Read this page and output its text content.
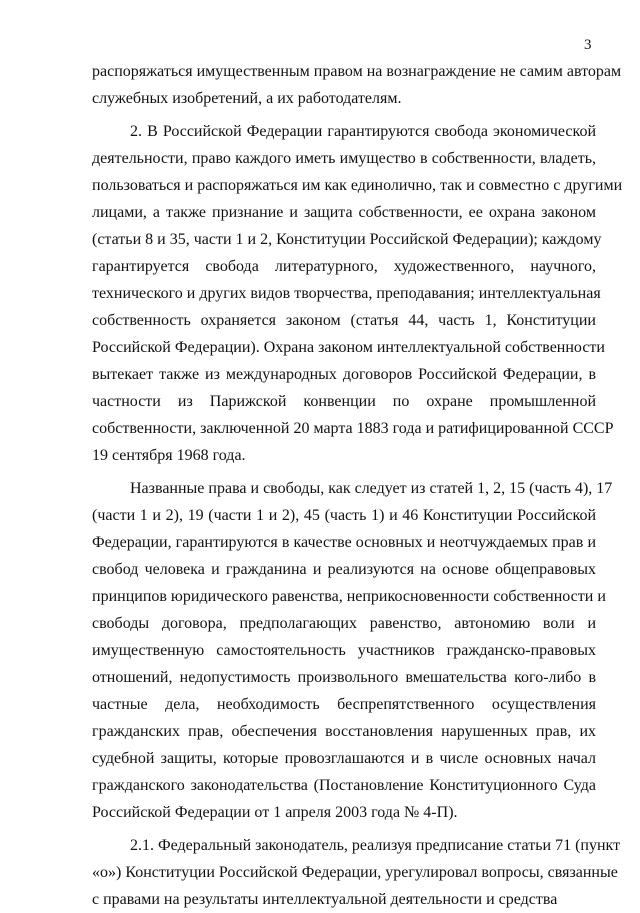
3
распоряжаться имущественным правом на вознаграждение не самим авторам
служебных изобретений, а их работодателям.
2. В Российской Федерации гарантируются свобода экономической
деятельности, право каждого иметь имущество в собственности, владеть,
пользоваться и распоряжаться им как единолично, так и совместно с другими
лицами, а также признание и защита собственности, ее охрана законом
(статьи 8 и 35, части 1 и 2, Конституции Российской Федерации); каждому
гарантируется свобода литературного, художественного, научного,
технического и других видов творчества, преподавания; интеллектуальная
собственность охраняется законом (статья 44, часть 1, Конституции
Российской Федерации). Охрана законом интеллектуальной собственности
вытекает также из международных договоров Российской Федерации, в
частности из Парижской конвенции по охране промышленной
собственности, заключенной 20 марта 1883 года и ратифицированной СССР
19 сентября 1968 года.
Названные права и свободы, как следует из статей 1, 2, 15 (часть 4), 17
(части 1 и 2), 19 (части 1 и 2), 45 (часть 1) и 46 Конституции Российской
Федерации, гарантируются в качестве основных и неотчуждаемых прав и
свобод человека и гражданина и реализуются на основе общеправовых
принципов юридического равенства, неприкосновенности собственности и
свободы договора, предполагающих равенство, автономию воли и
имущественную самостоятельность участников гражданско-правовых
отношений, недопустимость произвольного вмешательства кого-либо в
частные дела, необходимость беспрепятственного осуществления
гражданских прав, обеспечения восстановления нарушенных прав, их
судебной защиты, которые провозглашаются и в числе основных начал
гражданского законодательства (Постановление Конституционного Суда
Российской Федерации от 1 апреля 2003 года № 4-П).
2.1. Федеральный законодатель, реализуя предписание статьи 71 (пункт
«о») Конституции Российской Федерации, урегулировал вопросы, связанные
с правами на результаты интеллектуальной деятельности и средства
